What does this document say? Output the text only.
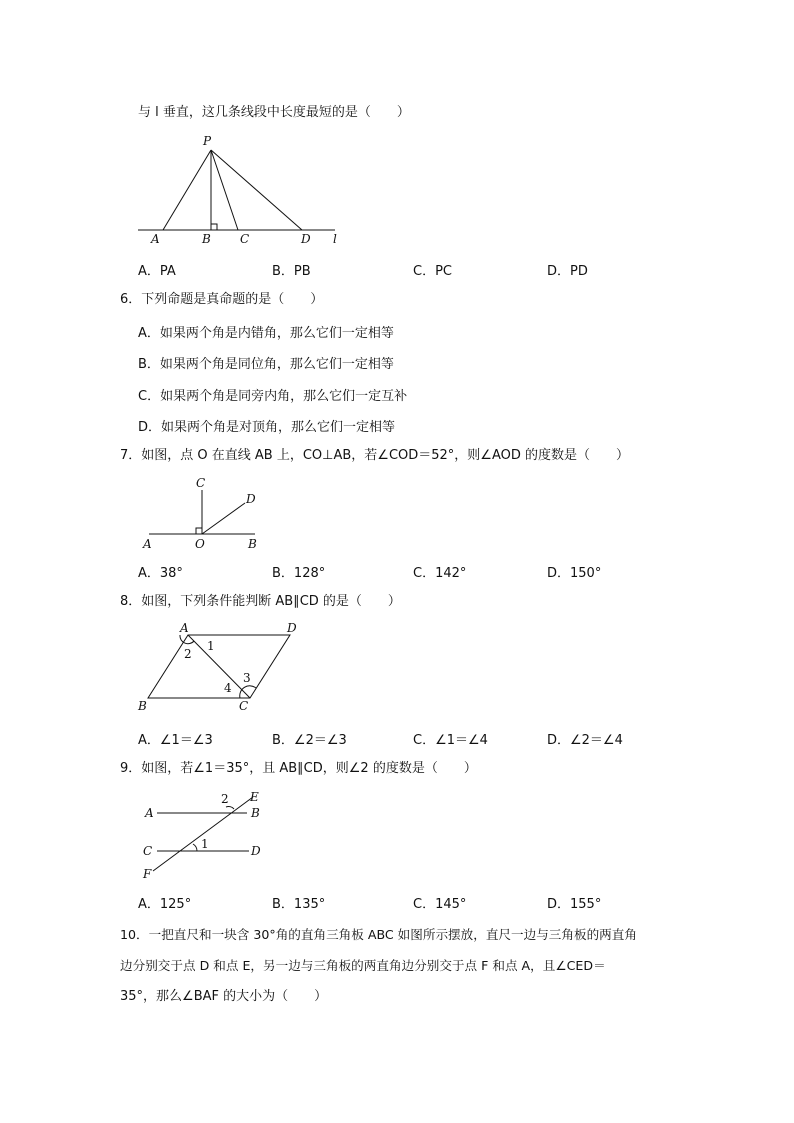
与 l 垂直，这几条线段中长度最短的是（　　）
P
A	B C	D l
A．PA	B．PB	C．PC	D．PD
6．下列命题是真命题的是（　　）
A．如果两个角是内错角，那么它们一定相等
B．如果两个角是同位角，那么它们一定相等
C．如果两个角是同旁内角，那么它们一定互补
D．如果两个角是对顶角，那么它们一定相等
7．如图，点 O 在直线 AB 上，CO⊥AB，若∠COD＝52°，则∠AOD 的度数是（　　）
C
D
A	O	B
A．38°	B．128°	C．142°	D．150°
8．如图，下列条件能判断 AB∥CD 的是（　　）
A	D
B	C
1
2
3
4
A．∠1＝∠3	B．∠2＝∠3	C．∠1＝∠4	D．∠2＝∠4
9．如图，若∠1＝35°，且 AB∥CD，则∠2 的度数是（　　）
A	B
C	D
E
F
1
2
A．125°	B．135°	C．145°	D．155°
10．一把直尺和一块含 30°角的直角三角板 ABC 如图所示摆放，直尺一边与三角板的两直角
边分别交于点 D 和点 E，另一边与三角板的两直角边分别交于点 F 和点 A，且∠CED＝
35°，那么∠BAF 的大小为（　　）
